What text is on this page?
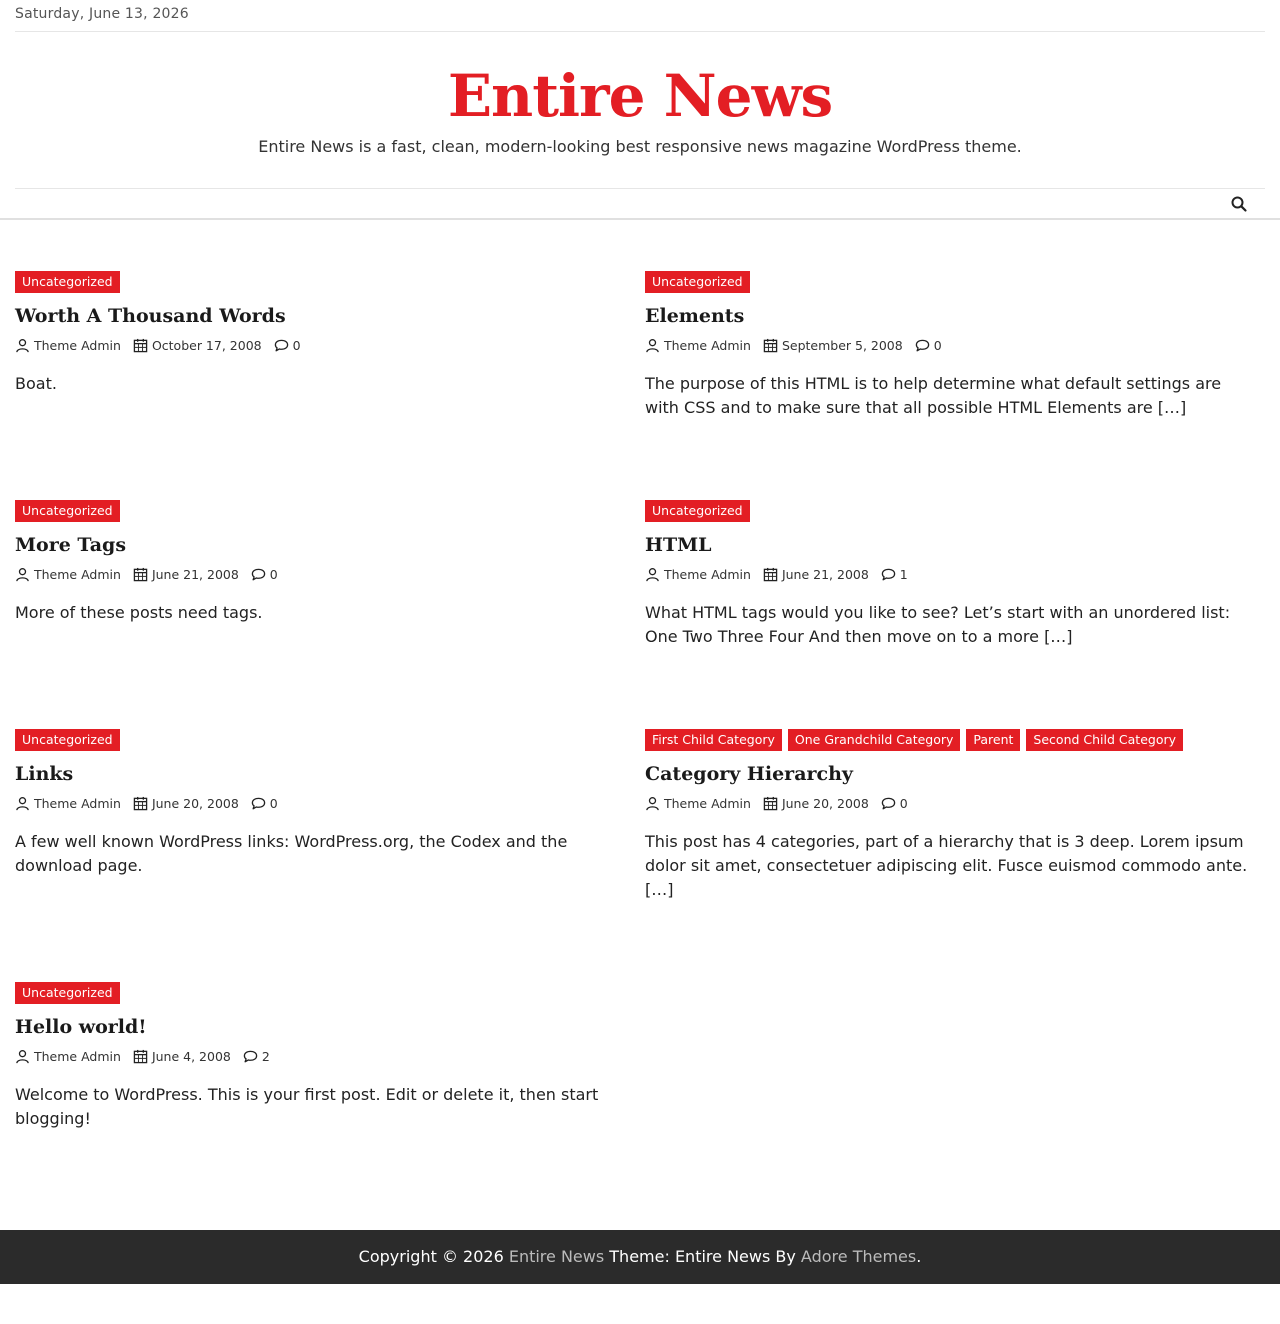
Saturday, June 13, 2026
Entire News

Entire News is a fast, clean, modern-looking best responsive news magazine WordPress theme.

Uncategorized
Worth A Thousand Words
Theme Admin October 17, 2008 0

Boat.

Uncategorized
Elements
Theme Admin September 5, 2008 0

The purpose of this HTML is to help determine what default settings are with CSS and to make sure that all possible HTML Elements are […]

Uncategorized
More Tags
Theme Admin June 21, 2008 0

More of these posts need tags.

Uncategorized
HTML
Theme Admin June 21, 2008 1

What HTML tags would you like to see? Let’s start with an unordered list: One Two Three Four And then move on to a more […]

Uncategorized
Links
Theme Admin June 20, 2008 0

A few well known WordPress links: WordPress.org, the Codex and the download page.

First Child Category	One Grandchild Category	Parent	Second Child Category
Category Hierarchy
Theme Admin June 20, 2008 0

This post has 4 categories, part of a hierarchy that is 3 deep. Lorem ipsum dolor sit amet, consectetuer adipiscing elit. Fusce euismod commodo ante. […]

Uncategorized
Hello world!
Theme Admin June 4, 2008 2

Welcome to WordPress. This is your first post. Edit or delete it, then start blogging!

Copyright © 2026 Entire News Theme: Entire News By Adore Themes.
